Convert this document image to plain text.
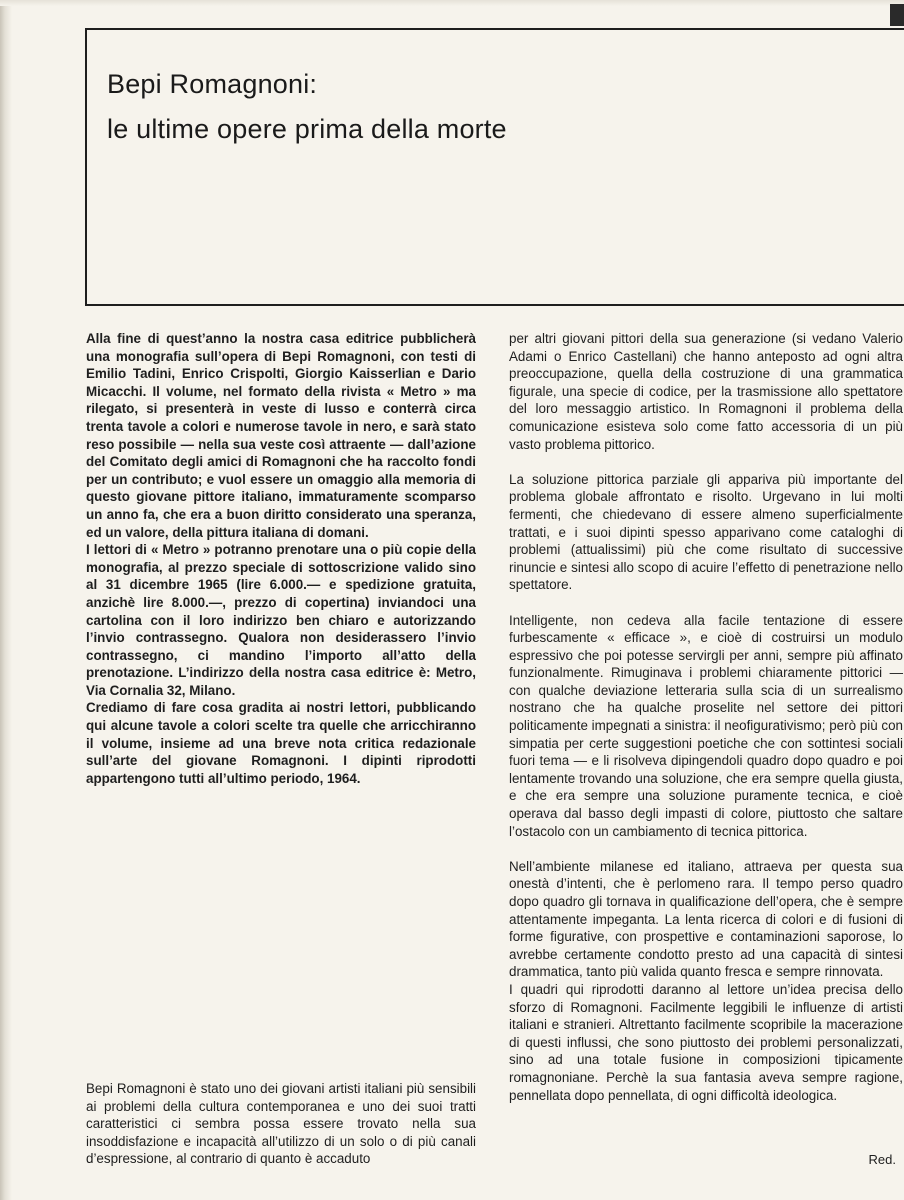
Bepi Romagnoni:
le ultime opere prima della morte

Alla fine di quest’anno la nostra casa editrice pubblicherà una monografia sull’opera di Bepi Romagnoni, con testi di Emilio Tadini, Enrico Crispolti, Giorgio Kaisserlian e Dario Micacchi. Il volume, nel formato della rivista « Metro » ma rilegato, si presenterà in veste di lusso e conterrà circa trenta tavole a colori e numerose tavole in nero, e sarà stato reso possibile — nella sua veste così attraente — dall’azione del Comitato degli amici di Romagnoni che ha raccolto fondi per un contributo; e vuol essere un omaggio alla memoria di questo giovane pittore italiano, immaturamente scomparso un anno fa, che era a buon diritto considerato una speranza, ed un valore, della pittura italiana di domani.

I lettori di « Metro » potranno prenotare una o più copie della monografia, al prezzo speciale di sottoscrizione valido sino al 31 dicembre 1965 (lire 6.000.— e spedizione gratuita, anzichè lire 8.000.—, prezzo di copertina) inviandoci una cartolina con il loro indirizzo ben chiaro e autorizzando l’invio contrassegno. Qualora non desiderassero l’invio contrassegno, ci mandino l’importo all’atto della prenotazione. L’indirizzo della nostra casa editrice è: Metro, Via Cornalia 32, Milano.

Crediamo di fare cosa gradita ai nostri lettori, pubblicando qui alcune tavole a colori scelte tra quelle che arricchiranno il volume, insieme ad una breve nota critica redazionale sull’arte del giovane Romagnoni. I dipinti riprodotti appartengono tutti all’ultimo periodo, 1964.

Bepi Romagnoni è stato uno dei giovani artisti italiani più sensibili ai problemi della cultura contemporanea e uno dei suoi tratti caratteristici ci sembra possa essere trovato nella sua insoddisfazione e incapacità all’utilizzo di un solo o di più canali d’espressione, al contrario di quanto è accaduto

per altri giovani pittori della sua generazione (si vedano Valerio Adami o Enrico Castellani) che hanno anteposto ad ogni altra preoccupazione, quella della costruzione di una grammatica figurale, una specie di codice, per la trasmissione allo spettatore del loro messaggio artistico. In Romagnoni il problema della comunicazione esisteva solo come fatto accessoria di un più vasto problema pittorico.

La soluzione pittorica parziale gli appariva più importante del problema globale affrontato e risolto. Urgevano in lui molti fermenti, che chiedevano di essere almeno superficialmente trattati, e i suoi dipinti spesso apparivano come cataloghi di problemi (attualissimi) più che come risultato di successive rinuncie e sintesi allo scopo di acuire l’effetto di penetrazione nello spettatore.

Intelligente, non cedeva alla facile tentazione di essere furbescamente « efficace », e cioè di costruirsi un modulo espressivo che poi potesse servirgli per anni, sempre più affinato funzionalmente. Rimuginava i problemi chiaramente pittorici — con qualche deviazione letteraria sulla scia di un surrealismo nostrano che ha qualche proselite nel settore dei pittori politicamente impegnati a sinistra: il neofigurativismo; però più con simpatia per certe suggestioni poetiche che con sottintesi sociali fuori tema — e li risolveva dipingendoli quadro dopo quadro e poi lentamente trovando una soluzione, che era sempre quella giusta, e che era sempre una soluzione puramente tecnica, e cioè operava dal basso degli impasti di colore, piuttosto che saltare l’ostacolo con un cambiamento di tecnica pittorica.

Nell’ambiente milanese ed italiano, attraeva per questa sua onestà d’intenti, che è perlomeno rara. Il tempo perso quadro dopo quadro gli tornava in qualificazione dell’opera, che è sempre attentamente impeganta. La lenta ricerca di colori e di fusioni di forme figurative, con prospettive e contaminazioni saporose, lo avrebbe certamente condotto presto ad una capacità di sintesi drammatica, tanto più valida quanto fresca e sempre rinnovata.

I quadri qui riprodotti daranno al lettore un’idea precisa dello sforzo di Romagnoni. Facilmente leggibili le influenze di artisti italiani e stranieri. Altrettanto facilmente scopribile la macerazione di questi influssi, che sono piuttosto dei problemi personalizzati, sino ad una totale fusione in composizioni tipicamente romagnoniane. Perchè la sua fantasia aveva sempre ragione, pennellata dopo pennellata, di ogni difficoltà ideologica.

Red.
